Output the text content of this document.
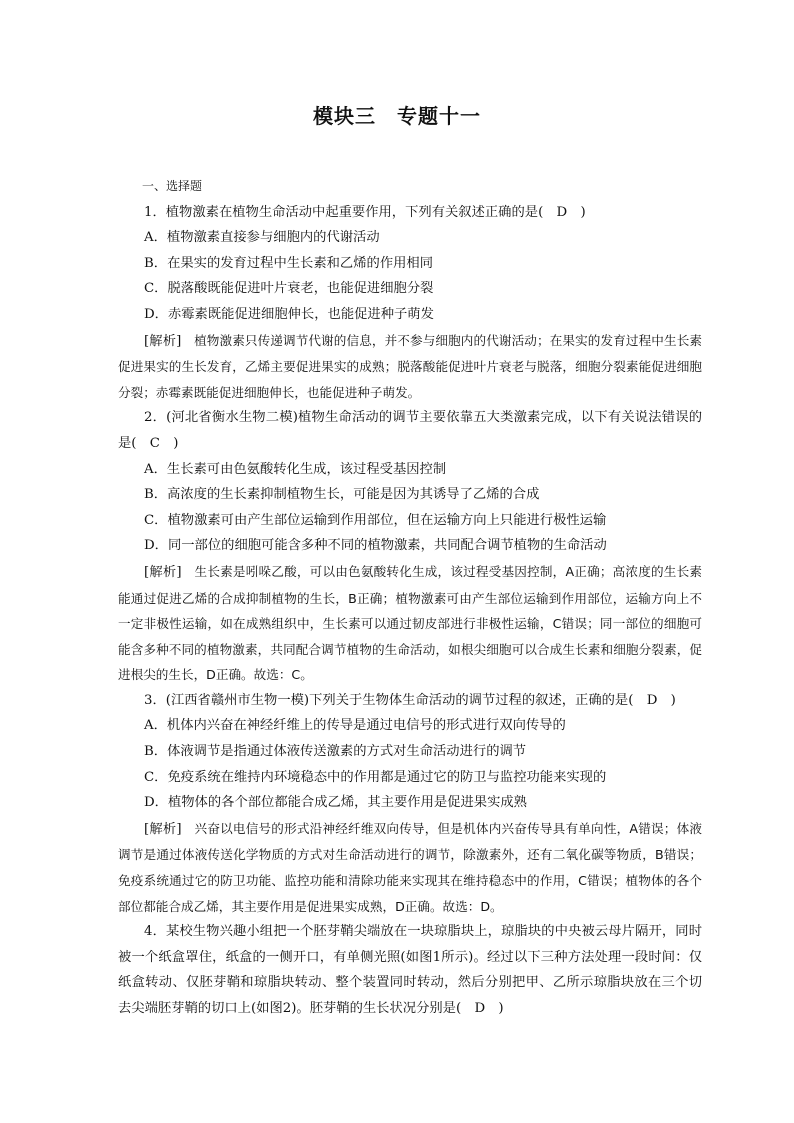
模块三　专题十一

一、选择题

1．植物激素在植物生命活动中起重要作用，下列有关叙述正确的是(　D　)

A．植物激素直接参与细胞内的代谢活动

B．在果实的发育过程中生长素和乙烯的作用相同

C．脱落酸既能促进叶片衰老，也能促进细胞分裂

D．赤霉素既能促进细胞伸长，也能促进种子萌发

[解析]　植物激素只传递调节代谢的信息，并不参与细胞内的代谢活动；在果实的发育过程中生长素促进果实的生长发育，乙烯主要促进果实的成熟；脱落酸能促进叶片衰老与脱落，细胞分裂素能促进细胞分裂；赤霉素既能促进细胞伸长，也能促进种子萌发。

2．(河北省衡水生物二模)植物生命活动的调节主要依靠五大类激素完成，以下有关说法错误的是(　C　)

A．生长素可由色氨酸转化生成，该过程受基因控制

B．高浓度的生长素抑制植物生长，可能是因为其诱导了乙烯的合成

C．植物激素可由产生部位运输到作用部位，但在运输方向上只能进行极性运输

D．同一部位的细胞可能含多种不同的植物激素，共同配合调节植物的生命活动

[解析]　生长素是吲哚乙酸，可以由色氨酸转化生成，该过程受基因控制，A正确；高浓度的生长素能通过促进乙烯的合成抑制植物的生长，B正确；植物激素可由产生部位运输到作用部位，运输方向上不一定非极性运输，如在成熟组织中，生长素可以通过韧皮部进行非极性运输，C错误；同一部位的细胞可能含多种不同的植物激素，共同配合调节植物的生命活动，如根尖细胞可以合成生长素和细胞分裂素，促进根尖的生长，D正确。故选：C。

3．(江西省赣州市生物一模)下列关于生物体生命活动的调节过程的叙述，正确的是(　D　)

A．机体内兴奋在神经纤维上的传导是通过电信号的形式进行双向传导的

B．体液调节是指通过体液传送激素的方式对生命活动进行的调节

C．免疫系统在维持内环境稳态中的作用都是通过它的防卫与监控功能来实现的

D．植物体的各个部位都能合成乙烯，其主要作用是促进果实成熟

[解析]　兴奋以电信号的形式沿神经纤维双向传导，但是机体内兴奋传导具有单向性，A错误；体液调节是通过体液传送化学物质的方式对生命活动进行的调节，除激素外，还有二氧化碳等物质，B错误；免疫系统通过它的防卫功能、监控功能和清除功能来实现其在维持稳态中的作用，C错误；植物体的各个部位都能合成乙烯，其主要作用是促进果实成熟，D正确。故选：D。

4．某校生物兴趣小组把一个胚芽鞘尖端放在一块琼脂块上，琼脂块的中央被云母片隔开，同时被一个纸盒罩住，纸盒的一侧开口，有单侧光照(如图1所示)。经过以下三种方法处理一段时间：仅纸盒转动、仅胚芽鞘和琼脂块转动、整个装置同时转动，然后分别把甲、乙所示琼脂块放在三个切去尖端胚芽鞘的切口上(如图2)。胚芽鞘的生长状况分别是(　D　)
